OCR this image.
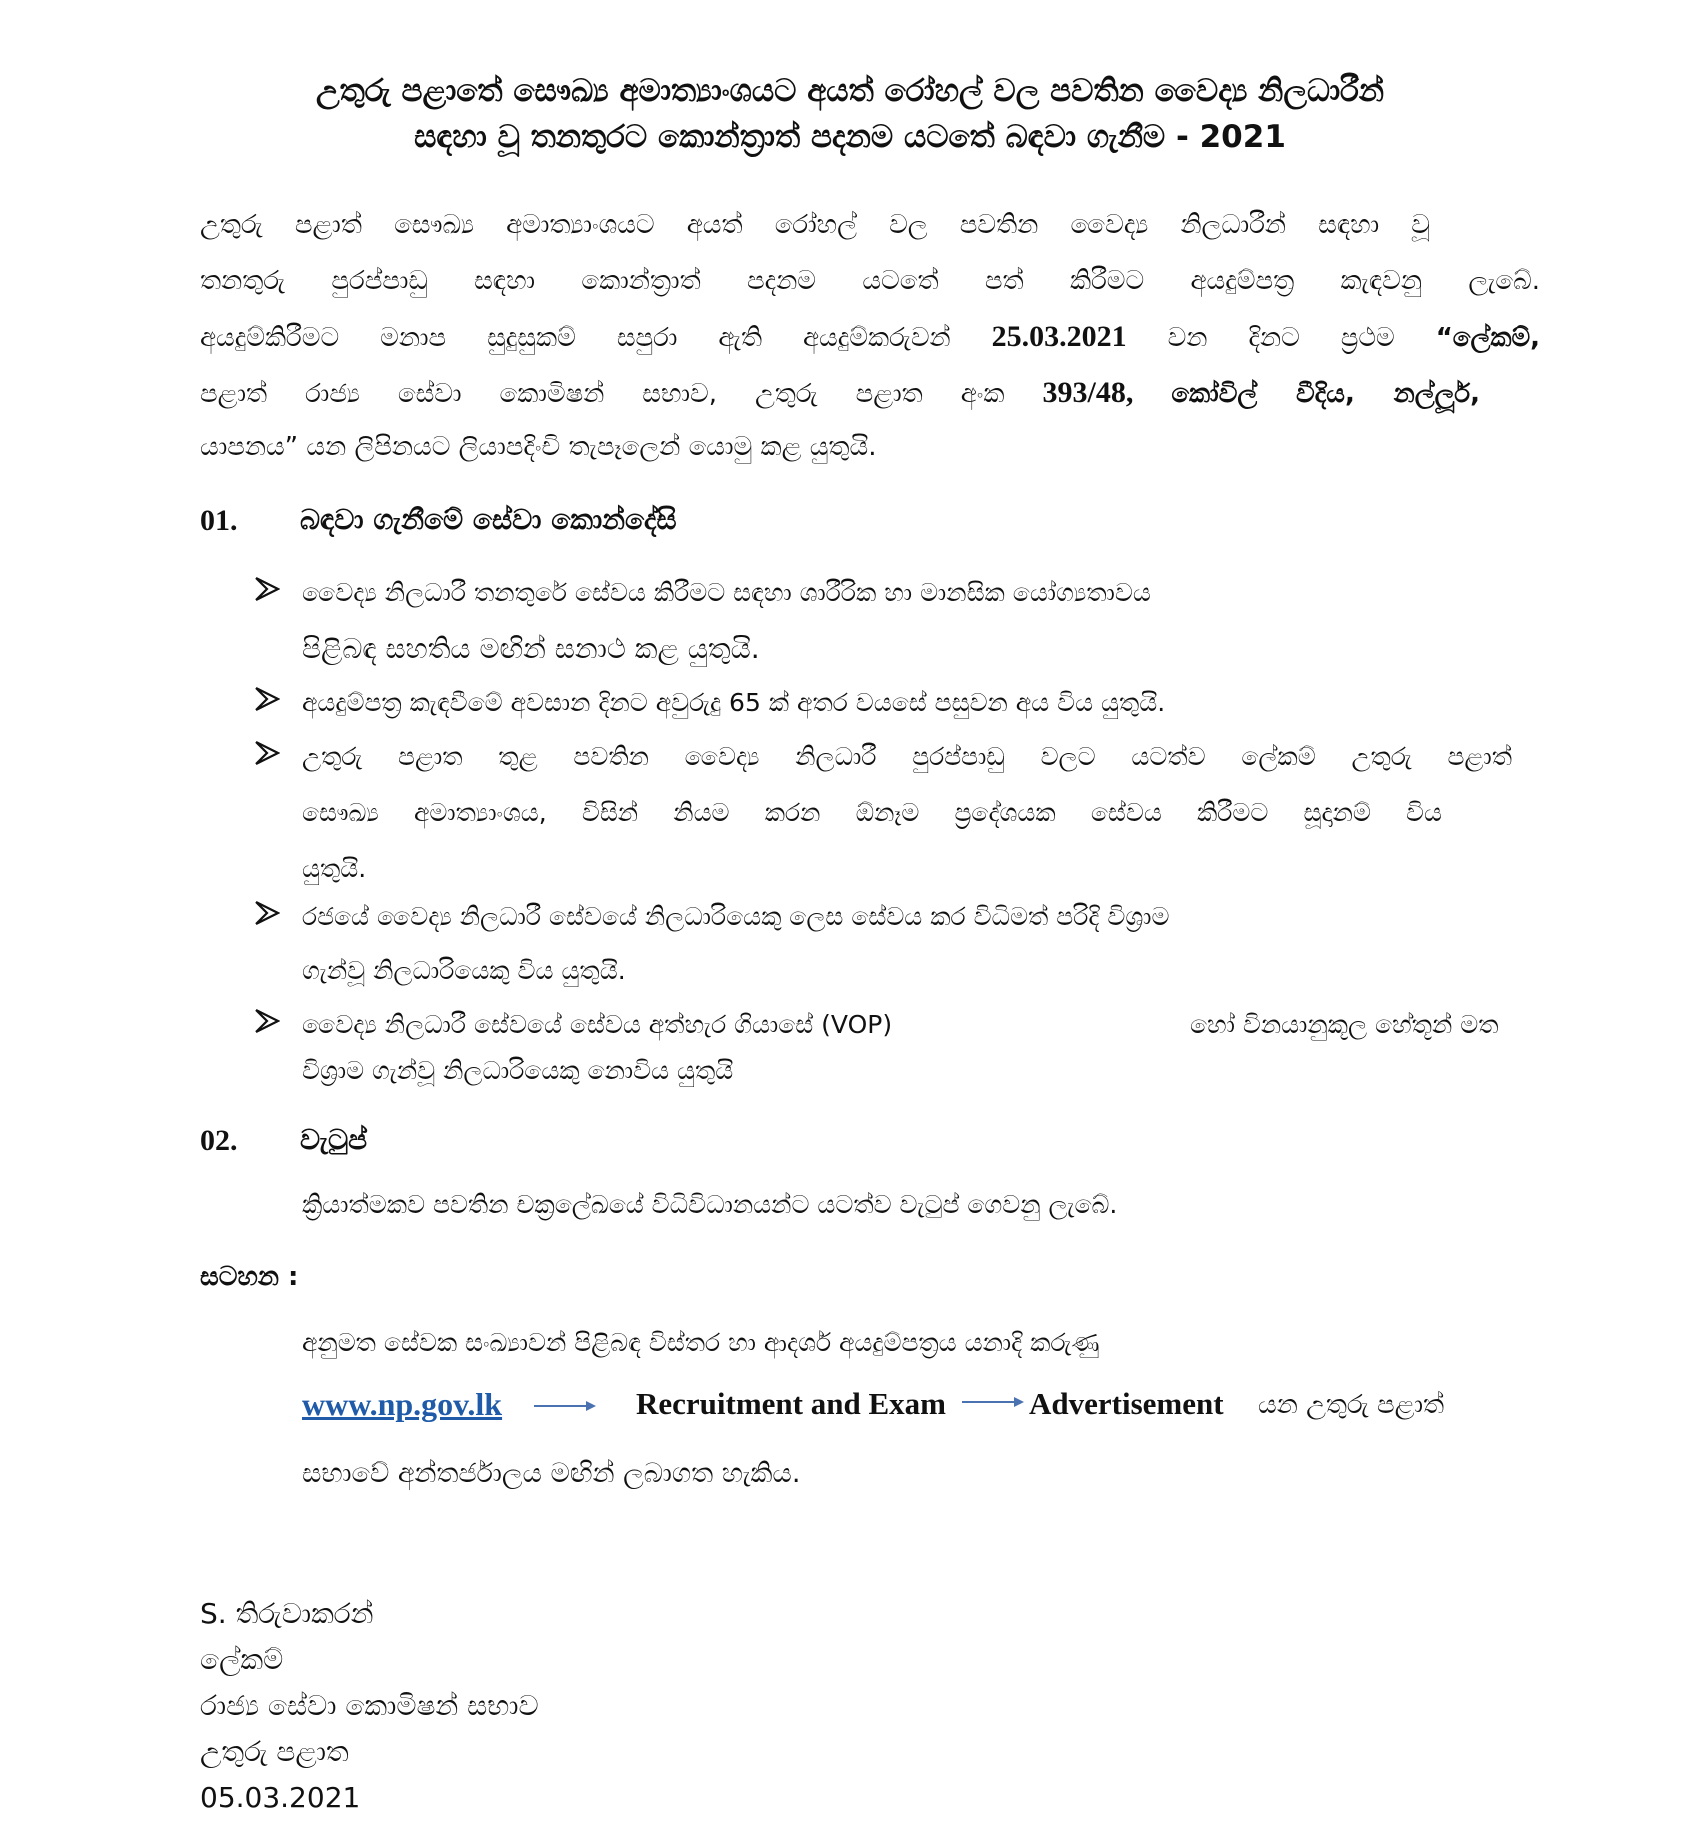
උතුරු පළාතේ සෞඛ්‍ය අමාත්‍යාංශයට අයත් රෝහල් වල පවතින වෛද්‍ය නිලධාරීන්
සඳහා වූ තනතුරට කොන්ත්‍රාත් පදනම යටතේ බඳවා ගැනීම - 2021
උතුරු පළාත් සෞඛ්‍ය අමාත්‍යාංශයට අයත් රෝහල් වල පවතින වෛද්‍ය නිලධාරීන් සඳහා වූ
තනතුරු පුරප්පාඩු සඳහා කොන්ත්‍රාත් පදනම යටතේ පත් කිරීමට අයදුම්පත්‍ර කැඳවනු ලැබේ.
අයදුම්කිරීමට මනාප සුදුසුකම් සපුරා ඇති අයදුම්කරුවන් 25.03.2021 වන දිනට ප්‍රථම “ලේකම්,
පළාත් රාජ්‍ය සේවා කොමිෂන් සභාව, උතුරු පළාත අංක 393/48, කෝවිල් වීදිය, නල්ලූර්,
යාපනය” යන ලිපිනයට ලියාපදිංචි තැපෑලෙන් යොමු කළ යුතුයි.
01. බඳවා ගැනීමේ සේවා කොන්දේසි
වෛද්‍ය නිලධාරී තනතුරේ සේවය කිරීමට සඳහා ශාරීරික හා මානසික යෝග්‍යතාවය
පිළිබඳ සහතිය මඟින් සනාථ කළ යුතුයි.
අයදුම්පත්‍ර කැඳවීමේ අවසාන දිනට අවුරුදු 65 ක් අතර වයසේ පසුවන අය විය යුතුයි.
උතුරු පළාත තුළ පවතින වෛද්‍ය නිලධාරී පුරප්පාඩු වලට යටත්ව ලේකම් උතුරු පළාත්
සෞඛ්‍ය අමාත්‍යාංශය, විසින් නියම කරන ඕනෑම ප්‍රදේශයක සේවය කිරීමට සූදානම් විය
යුතුයි.
රජයේ වෛද්‍ය නිලධාරී සේවයේ නිලධාරියෙකු ලෙස සේවය කර විධිමත් පරිදි විශ්‍රාම
ගැන්වූ නිලධාරියෙකු විය යුතුයි.
වෛද්‍ය නිලධාරී සේවයේ සේවය අත්හැර ගියාසේ (VOP)	හෝ විනයානුකූල හේතූන් මත
විශ්‍රාම ගැන්වූ නිලධාරියෙකු නොවිය යුතුයි
02. වැටුප්
ක්‍රියාත්මකව පවතින චක්‍රලේඛයේ විධිවිධානයන්ට යටත්ව වැටුප් ගෙවනු ලැබේ.
සටහන :
අනුමත සේවක සංඛ්‍යාවන් පිළිබඳ විස්තර හා ආදර්ශ අයදුම්පත්‍රය යනාදි කරුණු
www.np.gov.lk	Recruitment and Exam	Advertisement යන උතුරු පළාත්
සභාවේ අන්තර්ජාලය මඟින් ලබාගත හැකිය.
S. තිරුවාකරන්
ලේකම්
රාජ්‍ය සේවා කොමිෂන් සභාව
උතුරු පළාත
05.03.2021
